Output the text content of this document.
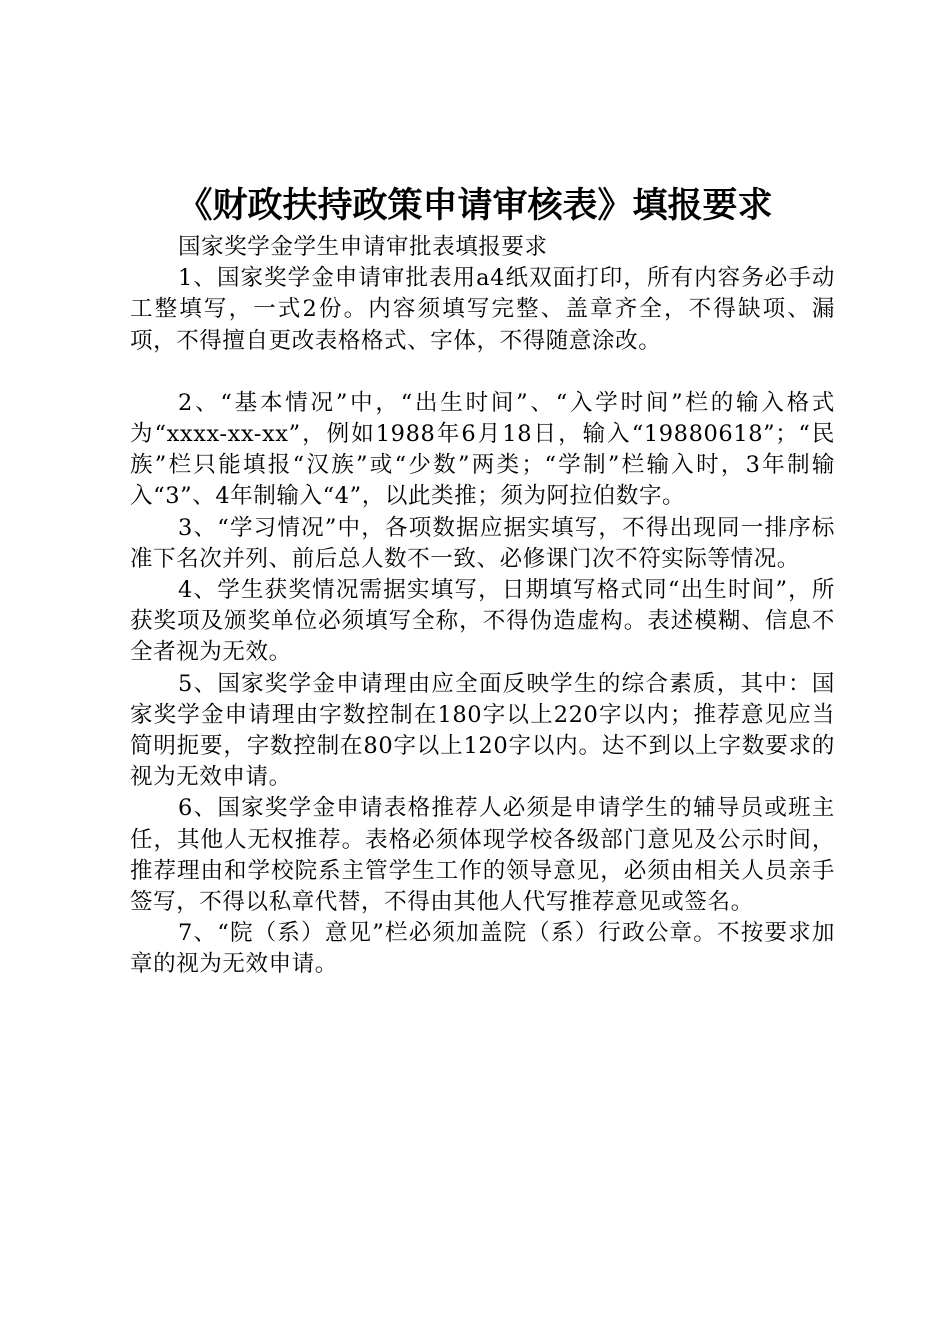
《财政扶持政策申请审核表》填报要求

国家奖学金学生申请审批表填报要求

1、国家奖学金申请审批表用a4纸双面打印，所有内容务必手动工整填写，一式2份。内容须填写完整、盖章齐全，不得缺项、漏项，不得擅自更改表格格式、字体，不得随意涂改。

2、“基本情况”中，“出生时间”、“入学时间”栏的输入格式为“xxxx-xx-xx”，例如1988年6月18日，输入“19880618”；“民族”栏只能填报“汉族”或“少数”两类；“学制”栏输入时，3年制输入“3”、4年制输入“4”，以此类推；须为阿拉伯数字。

3、“学习情况”中，各项数据应据实填写，不得出现同一排序标准下名次并列、前后总人数不一致、必修课门次不符实际等情况。

4、学生获奖情况需据实填写，日期填写格式同“出生时间”，所获奖项及颁奖单位必须填写全称，不得伪造虚构。表述模糊、信息不全者视为无效。

5、国家奖学金申请理由应全面反映学生的综合素质，其中：国家奖学金申请理由字数控制在180字以上220字以内；推荐意见应当简明扼要，字数控制在80字以上120字以内。达不到以上字数要求的视为无效申请。

6、国家奖学金申请表格推荐人必须是申请学生的辅导员或班主任，其他人无权推荐。表格必须体现学校各级部门意见及公示时间，推荐理由和学校院系主管学生工作的领导意见，必须由相关人员亲手签写，不得以私章代替，不得由其他人代写推荐意见或签名。

7、“院（系）意见”栏必须加盖院（系）行政公章。不按要求加章的视为无效申请。
